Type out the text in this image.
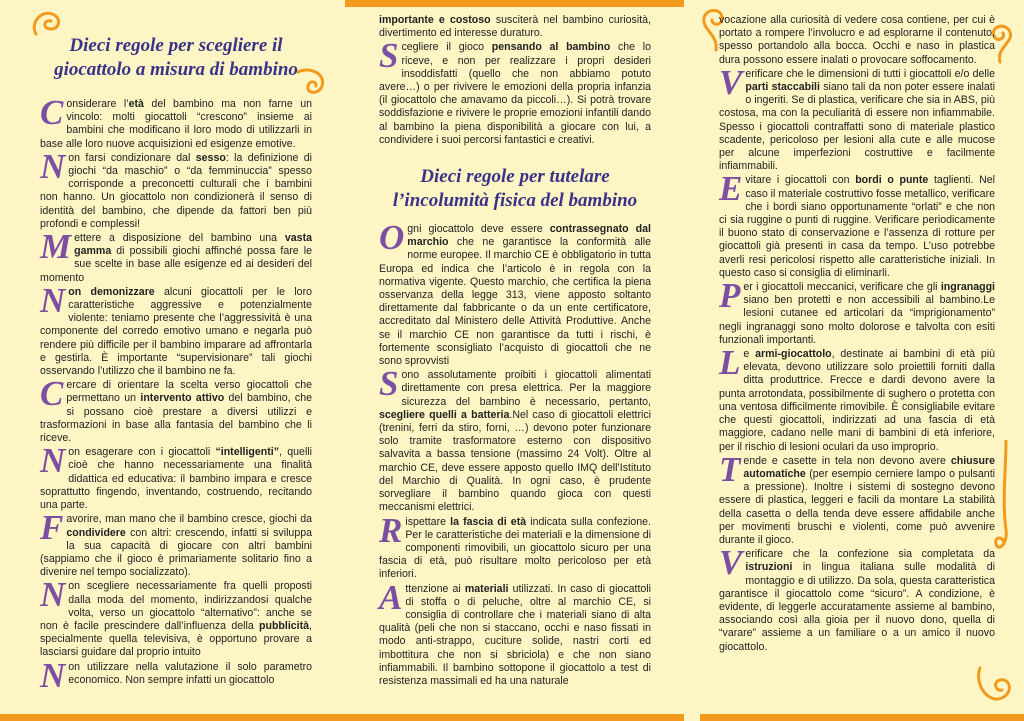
Dieci regole per scegliere il giocattolo a misura di bambino

Considerare l’età del bambino ma non farne un vincolo: molti giocattoli “crescono” insieme ai bambini che modificano il loro modo di utilizzarli in base alle loro nuove acquisizioni ed esigenze emotive.

Non farsi condizionare dal sesso: la definizione di giochi “da maschio” o “da femminuccia” spesso corrisponde a preconcetti culturali che i bambini non hanno. Un giocattolo non condizionerà il senso di identità del bambino, che dipende da fattori ben più profondi e complessi!

Mettere a disposizione del bambino una vasta gamma di possibili giochi affinché possa fare le sue scelte in base alle esigenze ed ai desideri del momento

Non demonizzare alcuni giocattoli per le loro caratteristiche aggressive e potenzialmente violente: teniamo presente che l’aggressività è una componente del corredo emotivo umano e negarla può rendere più difficile per il bambino imparare ad affrontarla e gestirla. È importante “supervisionare” tali giochi osservando l’utilizzo che il bambino ne fa.

Cercare di orientare la scelta verso giocattoli che permettano un intervento attivo del bambino, che si possano cioè prestare a diversi utilizzi e trasformazioni in base alla fantasia del bambino che li riceve.

Non esagerare con i giocattoli “intelligenti”, quelli cioè che hanno necessariamente una finalità didattica ed educativa: il bambino impara e cresce soprattutto fingendo, inventando, costruendo, recitando una parte.

Favorire, man mano che il bambino cresce, giochi da condividere con altri: crescendo, infatti si sviluppa la sua capacità di giocare con altri bambini (sappiamo che il gioco è primariamente solitario fino a divenire nel tempo socializzato).

Non scegliere necessariamente fra quelli proposti dalla moda del momento, indirizzandosi qualche volta, verso un giocattolo “alternativo”: anche se non è facile prescindere dall’influenza della pubblicità, specialmente quella televisiva, è opportuno provare a lasciarsi guidare dal proprio intuito

Non utilizzare nella valutazione il solo parametro economico. Non sempre infatti un giocattolo

importante e costoso susciterà nel bambino curiosità, divertimento ed interesse duraturo.

Scegliere il gioco pensando al bambino che lo riceve, e non per realizzare i propri desideri insoddisfatti (quello che non abbiamo potuto avere…) o per rivivere le emozioni della propria infanzia (il giocattolo che amavamo da piccoli…). Si potrà trovare soddisfazione e rivivere le proprie emozioni infantili dando al bambino la piena disponibilità a giocare con lui, a condividere i suoi percorsi fantastici e creativi.

Dieci regole per tutelare l’incolumità fisica del bambino

Ogni giocattolo deve essere contrassegnato dal marchio che ne garantisce la conformità alle norme europee. Il marchio CE è obbligatorio in tutta Europa ed indica che l’articolo è in regola con la normativa vigente. Questo marchio, che certifica la piena osservanza della legge 313, viene apposto soltanto direttamente dal fabbricante o da un ente certificatore, accreditato dal Ministero delle Attività Produttive. Anche se il marchio CE non garantisce da tutti i rischi, è fortemente sconsigliato l’acquisto di giocattoli che ne sono sprovvisti

Sono assolutamente proibiti i giocattoli alimentati direttamente con presa elettrica. Per la maggiore sicurezza del bambino è necessario, pertanto, scegliere quelli a batteria.Nel caso di giocattoli elettrici (trenini, ferri da stiro, forni, …) devono poter funzionare solo tramite trasformatore esterno con dispositivo salvavita a bassa tensione (massimo 24 Volt). Oltre al marchio CE, deve essere apposto quello IMQ dell’Istituto del Marchio di Qualità. In ogni caso, è prudente sorvegliare il bambino quando gioca con questi meccanismi elettrici.

Rispettare la fascia di età indicata sulla confezione. Per le caratteristiche dei materiali e la dimensione di componenti rimovibili, un giocattolo sicuro per una fascia di età, può risultare molto pericoloso per età inferiori.

Attenzione ai materiali utilizzati. In caso di giocattoli di stoffa o di peluche, oltre al marchio CE, si consiglia di controllare che i materiali siano di alta qualità (peli che non si staccano, occhi e naso fissati in modo anti-strappo, cuciture solide, nastri corti ed imbottitura che non si sbriciola) e che non siano infiammabili. Il bambino sottopone il giocattolo a test di resistenza massimali ed ha una naturale

vocazione alla curiosità di vedere cosa contiene, per cui è portato a rompere l’involucro e ad esplorarne il contenuto, spesso portandolo alla bocca. Occhi e naso in plastica dura possono essere inalati o provocare soffocamento.

Verificare che le dimensioni di tutti i giocattoli e/o delle parti staccabili siano tali da non poter essere inalati o ingeriti. Se di plastica, verificare che sia in ABS, più costosa, ma con la peculiarità di essere non infiammabile. Spesso i giocattoli contraffatti sono di materiale plastico scadente, pericoloso per lesioni alla cute e alle mucose per alcune imperfezioni costruttive e facilmente infiammabili.

Evitare i giocattoli con bordi o punte taglienti. Nel caso il materiale costruttivo fosse metallico, verificare che i bordi siano opportunamente “orlati” e che non ci sia ruggine o punti di ruggine. Verificare periodicamente il buono stato di conservazione e l’assenza di rotture per giocattoli già presenti in casa da tempo. L’uso potrebbe averli resi pericolosi rispetto alle caratteristiche iniziali. In questo caso si consiglia di eliminarli.

Per i giocattoli meccanici, verificare che gli ingranaggi siano ben protetti e non accessibili al bambino.Le lesioni cutanee ed articolari da “imprigionamento” negli ingranaggi sono molto dolorose e talvolta con esiti funzionali importanti.

Le armi-giocattolo, destinate ai bambini di età più elevata, devono utilizzare solo proiettili forniti dalla ditta produttrice. Frecce e dardi devono avere la punta arrotondata, possibilmente di sughero o protetta con una ventosa difficilmente rimovibile. È consigliabile evitare che questi giocattoli, indirizzati ad una fascia di età maggiore, cadano nelle mani di bambini di età inferiore, per il rischio di lesioni oculari da uso improprio.

Tende e casette in tela non devono avere chiusure automatiche (per esempio cerniere lampo o pulsanti a pressione). Inoltre i sistemi di sostegno devono essere di plastica, leggeri e facili da montare La stabilità della casetta o della tenda deve essere affidabile anche per movimenti bruschi e violenti, come può avvenire durante il gioco.

Verificare che la confezione sia completata da istruzioni in lingua italiana sulle modalità di montaggio e di utilizzo. Da sola, questa caratteristica garantisce il giocattolo come “sicuro”. A condizione, è evidente, di leggerle accuratamente assieme al bambino, associando così alla gioia per il nuovo dono, quella di “varare” assieme a un familiare o a un amico il nuovo giocattolo.
